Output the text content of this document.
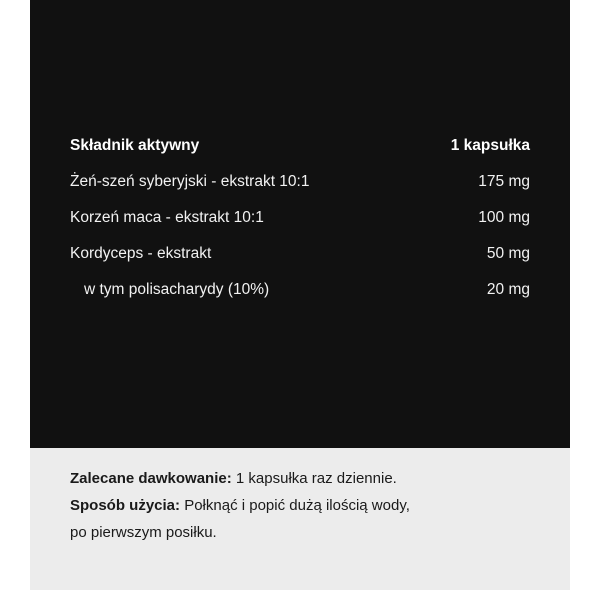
Składnik aktywny	1 kapsułka
Żeń-szeń syberyjski - ekstrakt 10:1	175 mg
Korzeń maca - ekstrakt 10:1	100 mg
Kordyceps - ekstrakt	50 mg
w tym polisacharydy (10%)	20 mg

Zalecane dawkowanie: 1 kapsułka raz dziennie.

Sposób użycia: Połknąć i popić dużą ilością wody,

po pierwszym posiłku.
